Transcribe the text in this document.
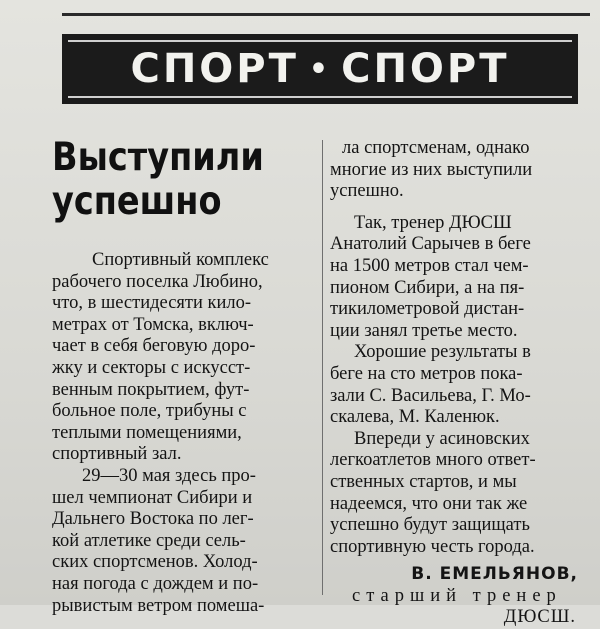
СПОРТ • СПОРТ
Выступили
успешно
Спортивный комплекс
рабочего поселка Любино,
что, в шестидесяти кило-
метрах от Томска, включ-
чает в себя беговую доро-
жку и секторы с искусст-
венным покрытием, фут-
больное поле, трибуны с
теплыми помещениями,
спортивный зал.
29—30 мая здесь про-
шел чемпионат Сибири и
Дальнего Востока по лег-
кой атлетике среди сель-
ских спортсменов. Холод-
ная погода с дождем и по-
рывистым ветром помеша-
ла спортсменам, однако
многие из них выступили
успешно.
Так, тренер ДЮСШ
Анатолий Сарычев в беге
на 1500 метров стал чем-
пионом Сибири, а на пя-
тикилометровой дистан-
ции занял третье место.
Хорошие результаты в
беге на сто метров пока-
зали С. Васильева, Г. Мо-
скалева, М. Каленюк.
Впереди у асиновских
легкоатлетов много ответ-
ственных стартов, и мы
надеемся, что они так же
успешно будут защищать
спортивную честь города.
В. ЕМЕЛЬЯНОВ,
старший тренер
ДЮСШ.
